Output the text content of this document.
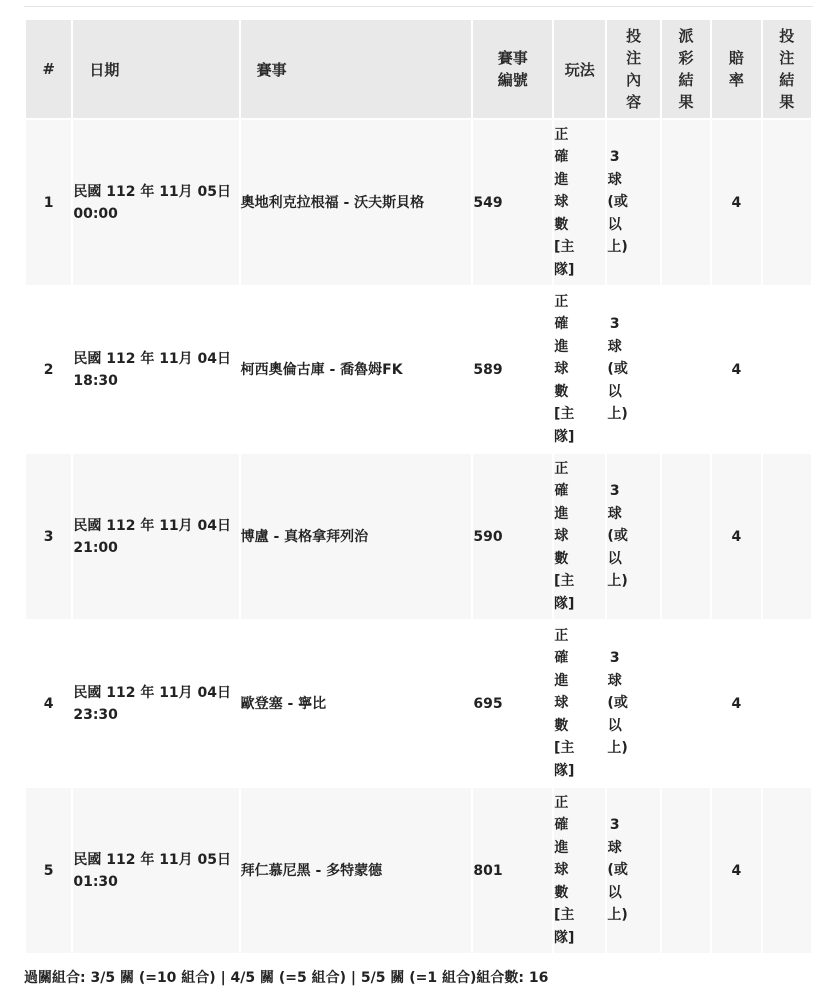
#	日期	賽事	賽事編號	玩法	投注內容	派彩結果	賠率	投注結果
1	民國 112 年 11月 05日 00:00	奧地利克拉根福 - 沃夫斯貝格	549	正確進球數[主隊]	3球(或以上)		4	
2	民國 112 年 11月 04日 18:30	柯西奧倫古庫 - 喬魯姆FK	589	正確進球數[主隊]	3球(或以上)		4	
3	民國 112 年 11月 04日 21:00	博盧 - 真格拿拜列治	590	正確進球數[主隊]	3球(或以上)		4	
4	民國 112 年 11月 04日 23:30	歐登塞 - 寧比	695	正確進球數[主隊]	3球(或以上)		4	
5	民國 112 年 11月 05日 01:30	拜仁慕尼黑 - 多特蒙德	801	正確進球數[主隊]	3球(或以上)		4	
過關組合: 3/5 關 (=10 組合) | 4/5 關 (=5 組合) | 5/5 關 (=1 組合)組合數: 16
